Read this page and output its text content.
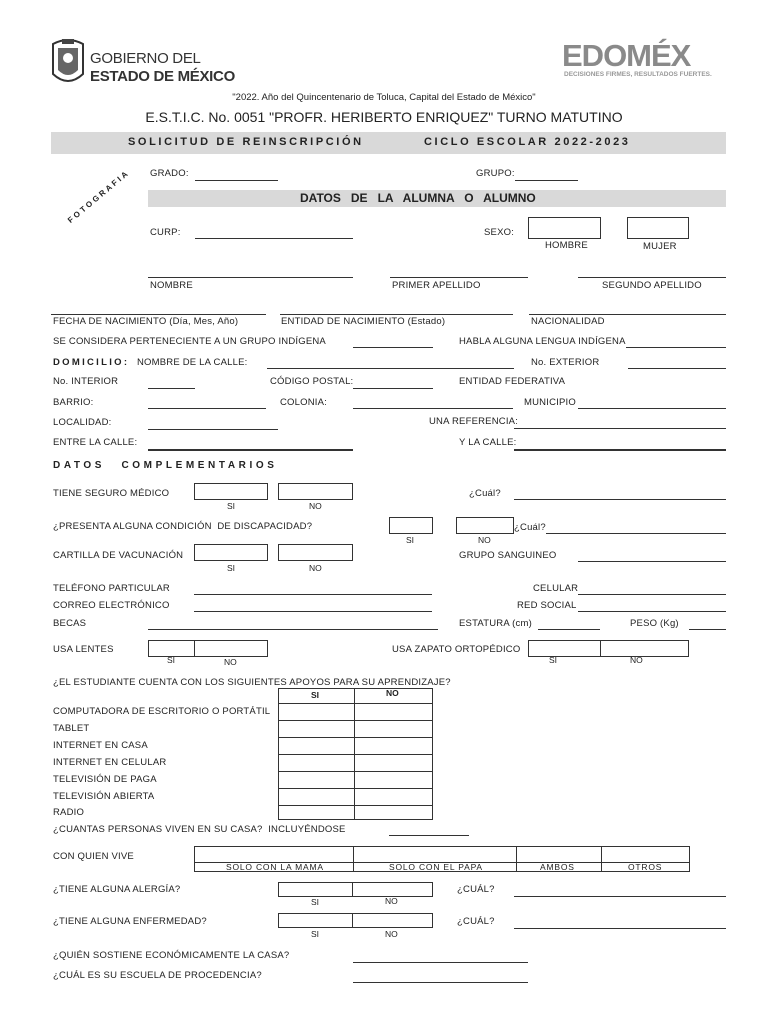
GOBIERNO DEL
ESTADO DE MÉXICO
EDOMÉX
DECISIONES FIRMES, RESULTADOS FUERTES.
"2022. Año del Quincentenario de Toluca, Capital del Estado de México"
E.S.T.I.C. No. 0051 "PROFR. HERIBERTO ENRIQUEZ" TURNO MATUTINO
SOLICITUD DE REINSCRIPCIÓN	CICLO ESCOLAR 2022-2023
FOTOGRAFIA GRADO:	GRUPO:
DATOS   DE   LA   ALUMNA   O   ALUMNO
CURP:	SEXO:
HOMBRE	MUJER
NOMBRE	PRIMER APELLIDO	SEGUNDO APELLIDO
FECHA DE NACIMIENTO (Día, Mes, Año)	ENTIDAD DE NACIMIENTO (Estado)	NACIONALIDAD
SE CONSIDERA PERTENECIENTE A UN GRUPO INDÍGENA	HABLA ALGUNA LENGUA INDÍGENA
DOMICILIO: NOMBRE DE LA CALLE:	No. EXTERIOR
No. INTERIOR	CÓDIGO POSTAL:	ENTIDAD FEDERATIVA
BARRIO:	COLONIA:	MUNICIPIO
LOCALIDAD:	UNA REFERENCIA:
ENTRE LA CALLE:	Y LA CALLE:
DATOS COMPLEMENTARIOS
TIENE SEGURO MÉDICO
SI	NO
¿Cuál?
¿PRESENTA ALGUNA CONDICIÓN  DE DISCAPACIDAD?
SI	NO
¿Cuál?
CARTILLA DE VACUNACIÓN
SI	NO
GRUPO SANGUINEO
TELÉFONO PARTICULAR	CELULAR
CORREO ELECTRÓNICO	RED SOCIAL
BECAS	ESTATURA (cm)	PESO (Kg)
USA LENTES
SI	NO
USA ZAPATO ORTOPÉDICO
SI	NO
¿EL ESTUDIANTE CUENTA CON LOS SIGUIENTES APOYOS PARA SU APRENDIZAJE?
SI	NO
COMPUTADORA DE ESCRITORIO O PORTÁTIL
TABLET
INTERNET EN CASA
INTERNET EN CELULAR
TELEVISIÓN DE PAGA
TELEVISIÓN ABIERTA
RADIO
¿CUANTAS PERSONAS VIVEN EN SU CASA?  INCLUYÉNDOSE
CON QUIEN VIVE
SOLO CON LA MAMA	SOLO CON EL PAPA	AMBOS	OTROS
¿TIENE ALGUNA ALERGÍA?
SI	NO
¿CUÁL?
¿TIENE ALGUNA ENFERMEDAD?
SI	NO
¿CUÁL?
¿QUIÉN SOSTIENE ECONÓMICAMENTE LA CASA?
¿CUÁL ES SU ESCUELA DE PROCEDENCIA?
